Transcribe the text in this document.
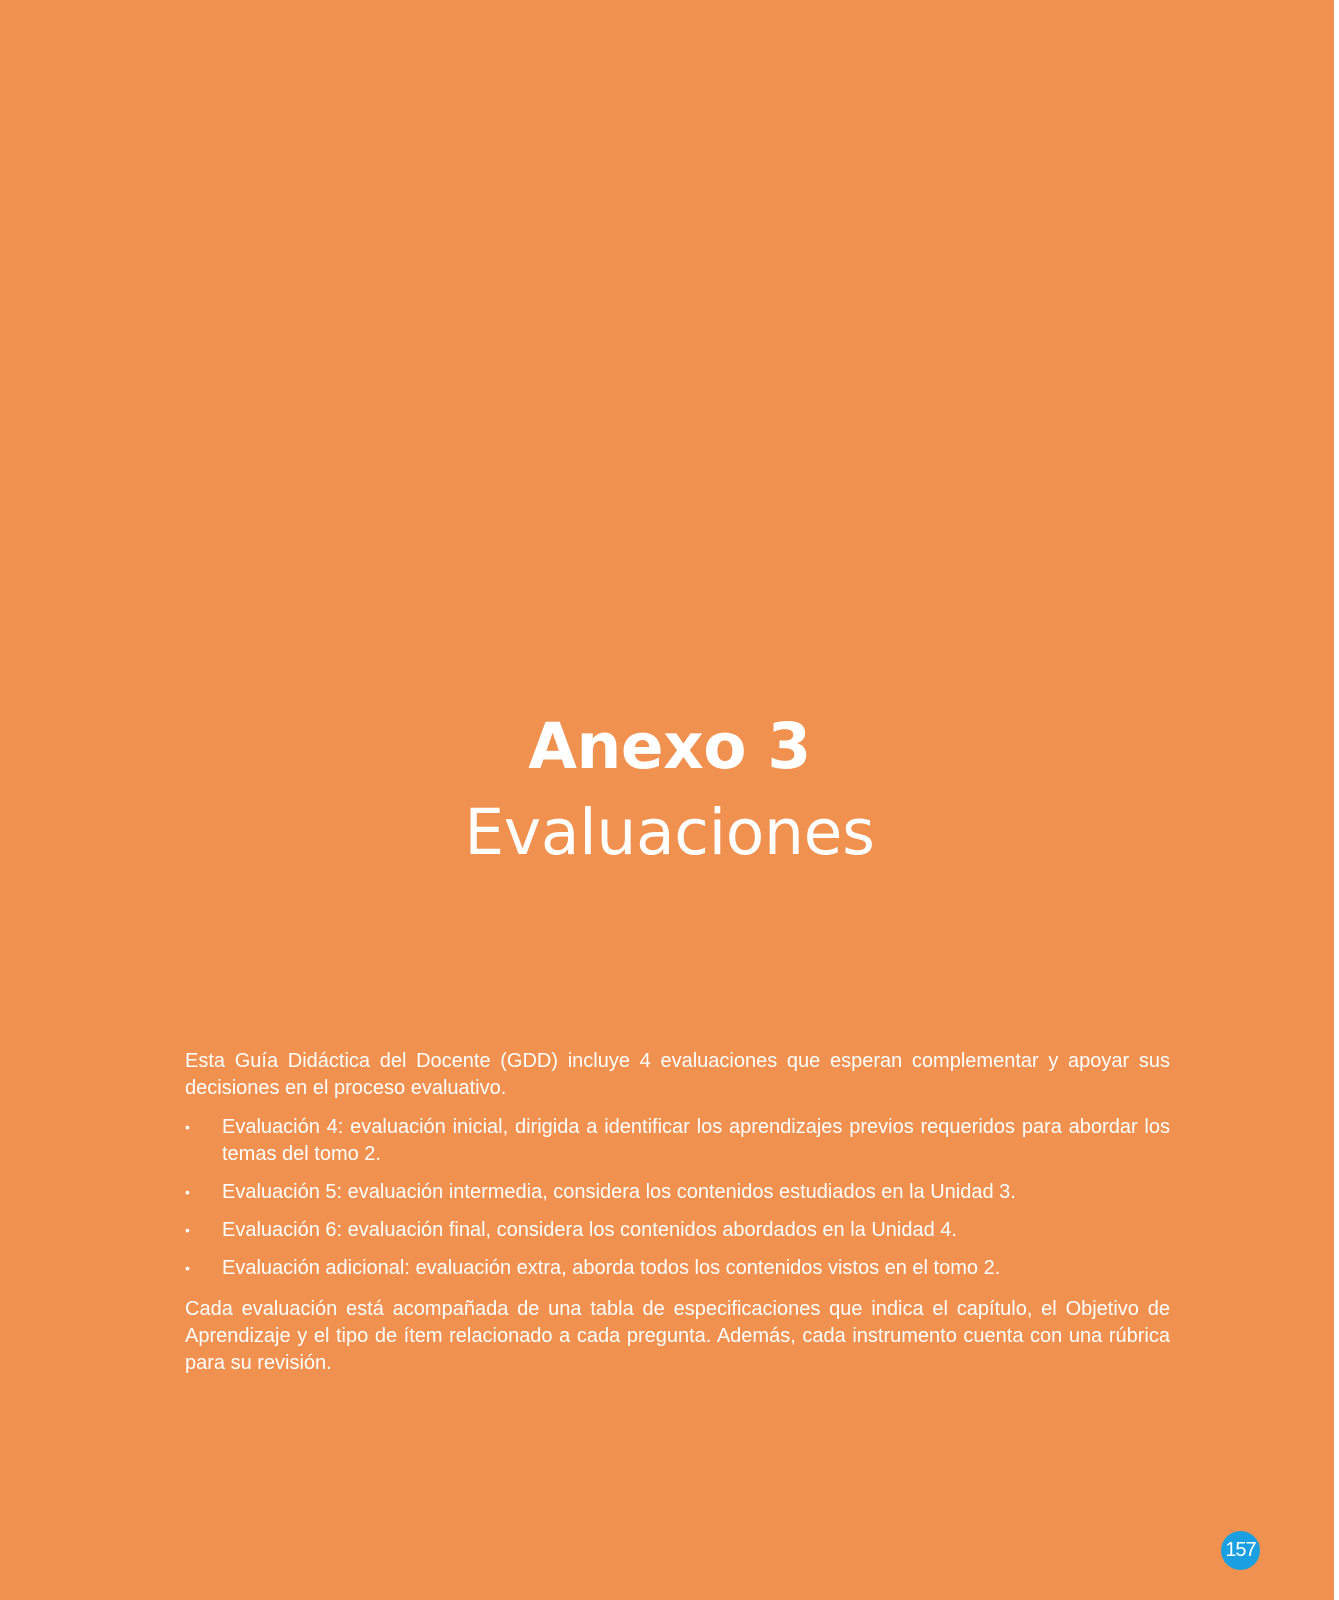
Anexo 3
Evaluaciones

Esta Guía Didáctica del Docente (GDD) incluye 4 evaluaciones que esperan complementar y apoyar sus decisiones en el proceso evaluativo.

• Evaluación 4: evaluación inicial, dirigida a identificar los aprendizajes previos requeridos para abordar los temas del tomo 2.
• Evaluación 5: evaluación intermedia, considera los contenidos estudiados en la Unidad 3.
• Evaluación 6: evaluación final, considera los contenidos abordados en la Unidad 4.
• Evaluación adicional: evaluación extra, aborda todos los contenidos vistos en el tomo 2.

Cada evaluación está acompañada de una tabla de especificaciones que indica el capítulo, el Objetivo de Aprendizaje y el tipo de ítem relacionado a cada pregunta. Además, cada instrumento cuenta con una rúbrica para su revisión.

157
